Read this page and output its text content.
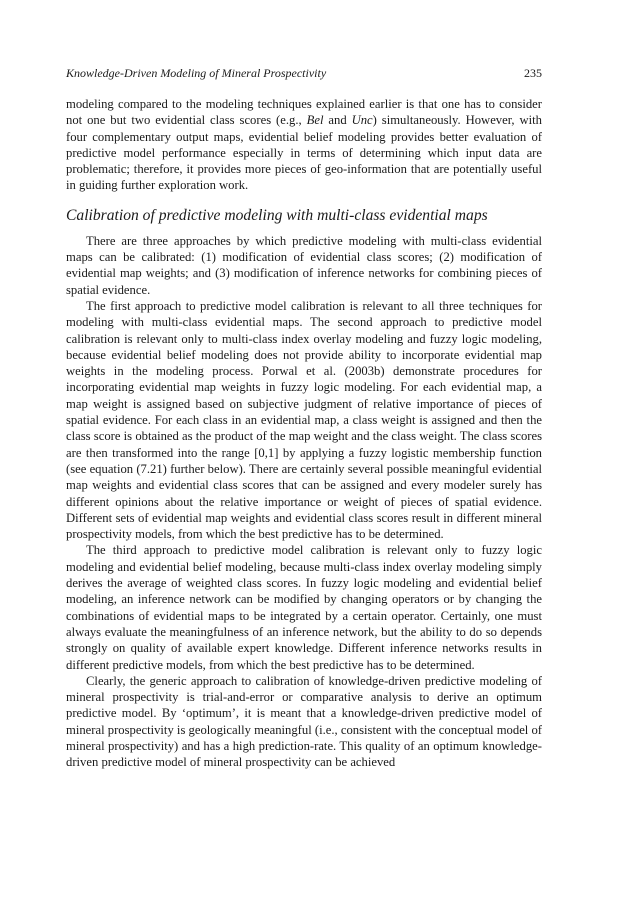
Knowledge-Driven Modeling of Mineral Prospectivity	235

modeling compared to the modeling techniques explained earlier is that one has to consider not one but two evidential class scores (e.g., Bel and Unc) simultaneously. However, with four complementary output maps, evidential belief modeling provides better evaluation of predictive model performance especially in terms of determining which input data are problematic; therefore, it provides more pieces of geo-information that are potentially useful in guiding further exploration work.

Calibration of predictive modeling with multi-class evidential maps

There are three approaches by which predictive modeling with multi-class evidential maps can be calibrated: (1) modification of evidential class scores; (2) modification of evidential map weights; and (3) modification of inference networks for combining pieces of spatial evidence.

The first approach to predictive model calibration is relevant to all three techniques for modeling with multi-class evidential maps. The second approach to predictive model calibration is relevant only to multi-class index overlay modeling and fuzzy logic modeling, because evidential belief modeling does not provide ability to incorporate evidential map weights in the modeling process. Porwal et al. (2003b) demonstrate procedures for incorporating evidential map weights in fuzzy logic modeling. For each evidential map, a map weight is assigned based on subjective judgment of relative importance of pieces of spatial evidence. For each class in an evidential map, a class weight is assigned and then the class score is obtained as the product of the map weight and the class weight. The class scores are then transformed into the range [0,1] by applying a fuzzy logistic membership function (see equation (7.21) further below). There are certainly several possible meaningful evidential map weights and evidential class scores that can be assigned and every modeler surely has different opinions about the relative importance or weight of pieces of spatial evidence. Different sets of evidential map weights and evidential class scores result in different mineral prospectivity models, from which the best predictive has to be determined.

The third approach to predictive model calibration is relevant only to fuzzy logic modeling and evidential belief modeling, because multi-class index overlay modeling simply derives the average of weighted class scores. In fuzzy logic modeling and evidential belief modeling, an inference network can be modified by changing operators or by changing the combinations of evidential maps to be integrated by a certain operator. Certainly, one must always evaluate the meaningfulness of an inference network, but the ability to do so depends strongly on quality of available expert knowledge. Different inference networks results in different predictive models, from which the best predictive has to be determined.

Clearly, the generic approach to calibration of knowledge-driven predictive modeling of mineral prospectivity is trial-and-error or comparative analysis to derive an optimum predictive model. By ‘optimum’, it is meant that a knowledge-driven predictive model of mineral prospectivity is geologically meaningful (i.e., consistent with the conceptual model of mineral prospectivity) and has a high prediction-rate. This quality of an optimum knowledge-driven predictive model of mineral prospectivity can be achieved
